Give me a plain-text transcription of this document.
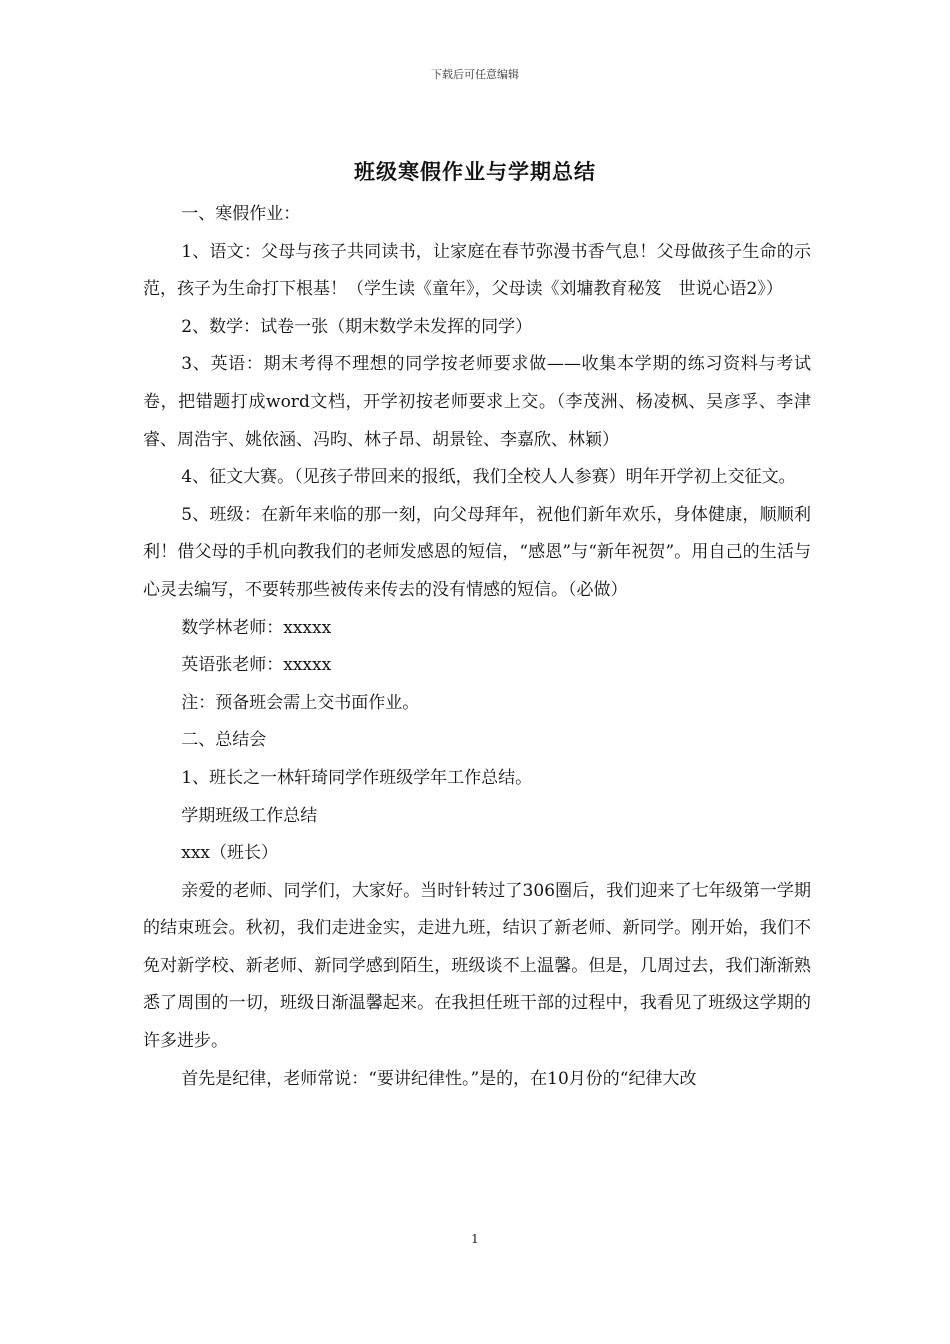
下载后可任意编辑
班级寒假作业与学期总结

一、寒假作业：

1、语文：父母与孩子共同读书，让家庭在春节弥漫书香气息！父母做孩子生命的示范，孩子为生命打下根基！（学生读《童年》，父母读《刘墉教育秘笈　世说心语2》）

2、数学：试卷一张（期末数学未发挥的同学）

3、英语：期末考得不理想的同学按老师要求做——收集本学期的练习资料与考试卷，把错题打成word文档，开学初按老师要求上交。（李茂洲、杨凌枫、吴彦孚、李津睿、周浩宇、姚依涵、冯昀、林子昂、胡景铨、李嘉欣、林颖）

4、征文大赛。（见孩子带回来的报纸，我们全校人人参赛）明年开学初上交征文。

5、班级：在新年来临的那一刻，向父母拜年，祝他们新年欢乐，身体健康，顺顺利利！借父母的手机向教我们的老师发感恩的短信，“感恩”与“新年祝贺”。用自己的生活与心灵去编写，不要转那些被传来传去的没有情感的短信。（必做）

数学林老师：xxxxx

英语张老师：xxxxx

注：预备班会需上交书面作业。

二、总结会

1、班长之一林轩琦同学作班级学年工作总结。

学期班级工作总结

xxx（班长）

亲爱的老师、同学们，大家好。当时针转过了306圈后，我们迎来了七年级第一学期的结束班会。秋初，我们走进金实，走进九班，结识了新老师、新同学。刚开始，我们不免对新学校、新老师、新同学感到陌生，班级谈不上温馨。但是，几周过去，我们渐渐熟悉了周围的一切，班级日渐温馨起来。在我担任班干部的过程中，我看见了班级这学期的许多进步。

首先是纪律，老师常说：“要讲纪律性。”是的，在10月份的“纪律大改

1
